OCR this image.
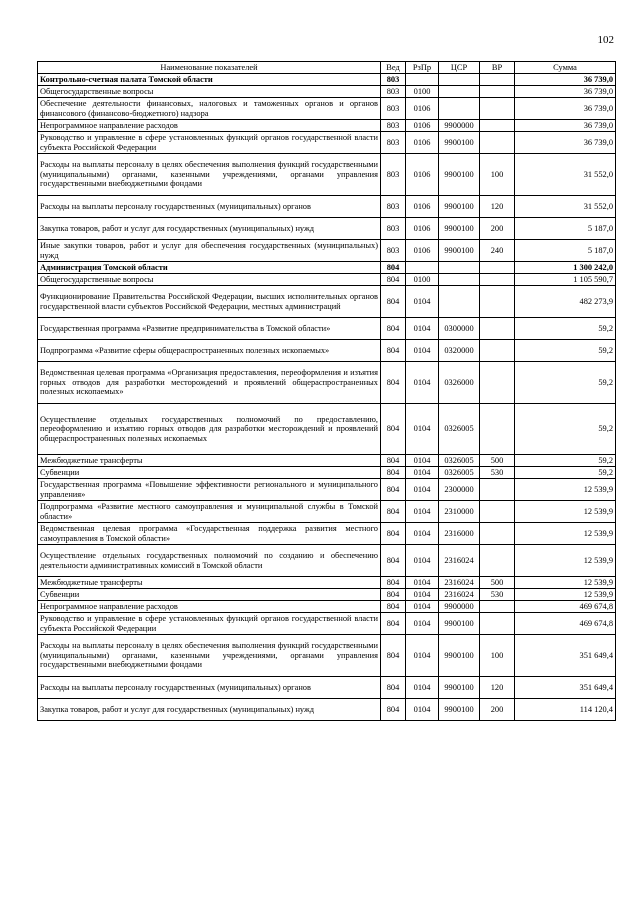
102
Наименование показателей	Вед	РзПр	ЦСР	ВР	Сумма
Контрольно-счетная палата Томской области	803				36 739,0
Общегосударственные вопросы	803	0100			36 739,0
Обеспечение деятельности финансовых, налоговых и таможенных органов и органов финансового (финансово-бюджетного) надзора	803	0106			36 739,0
Непрограммное направление расходов	803	0106	9900000		36 739,0
Руководство и управление в сфере установленных функций органов государственной власти субъекта Российской Федерации	803	0106	9900100		36 739,0
Расходы на выплаты персоналу в целях обеспечения выполнения функций государственными (муниципальными) органами, казенными учреждениями, органами управления государственными внебюджетными фондами	803	0106	9900100	100	31 552,0
Расходы на выплаты персоналу государственных (муниципальных) органов	803	0106	9900100	120	31 552,0
Закупка товаров, работ и услуг для государственных (муниципальных) нужд	803	0106	9900100	200	5 187,0
Иные закупки товаров, работ и услуг для обеспечения государственных (муниципальных) нужд	803	0106	9900100	240	5 187,0
Администрация Томской области	804				1 300 242,0
Общегосударственные вопросы	804	0100			1 105 590,7
Функционирование Правительства Российской Федерации, высших исполнительных органов государственной власти субъектов Российской Федерации, местных администраций	804	0104			482 273,9
Государственная программа «Развитие предпринимательства в Томской области»	804	0104	0300000		59,2
Подпрограмма «Развитие сферы общераспространенных полезных ископаемых»	804	0104	0320000		59,2
Ведомственная целевая программа «Организация предоставления, переоформления и изъятия горных отводов для разработки месторождений и проявлений общераспространенных полезных ископаемых»	804	0104	0326000		59,2
Осуществление отдельных государственных полномочий по предоставлению, переоформлению и изъятию горных отводов для разработки месторождений и проявлений общераспространенных полезных ископаемых	804	0104	0326005		59,2
Межбюджетные трансферты	804	0104	0326005	500	59,2
Субвенции	804	0104	0326005	530	59,2
Государственная программа «Повышение эффективности регионального и муниципального управления»	804	0104	2300000		12 539,9
Подпрограмма «Развитие местного самоуправления и муниципальной службы в Томской области»	804	0104	2310000		12 539,9
Ведомственная целевая программа «Государственная поддержка развития местного самоуправления в Томской области»	804	0104	2316000		12 539,9
Осуществление отдельных государственных полномочий по созданию и обеспечению деятельности административных комиссий в Томской области	804	0104	2316024		12 539,9
Межбюджетные трансферты	804	0104	2316024	500	12 539,9
Субвенции	804	0104	2316024	530	12 539,9
Непрограммное направление расходов	804	0104	9900000		469 674,8
Руководство и управление в сфере установленных функций органов государственной власти субъекта Российской Федерации	804	0104	9900100		469 674,8
Расходы на выплаты персоналу в целях обеспечения выполнения функций государственными (муниципальными) органами, казенными учреждениями, органами управления государственными внебюджетными фондами	804	0104	9900100	100	351 649,4
Расходы на выплаты персоналу государственных (муниципальных) органов	804	0104	9900100	120	351 649,4
Закупка товаров, работ и услуг для государственных (муниципальных) нужд	804	0104	9900100	200	114 120,4
